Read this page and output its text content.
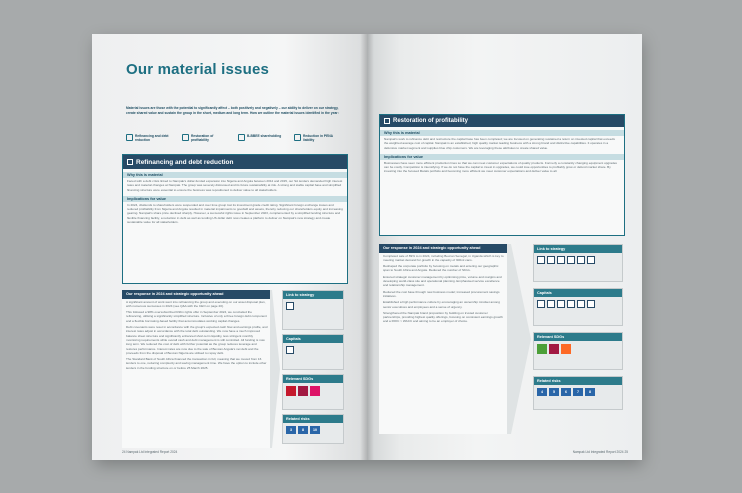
Our material issues
Material issues are those with the potential to significantly affect – both positively and negatively – our ability to deliver on our strategy, create shared value and sustain the group in the short, medium and long term. How we outline the material issues identified in the year:
Refinancing and debt reduction
Restoration of profitability
B-BBEE shareholding	Reduction in PENA liability
Refinancing and debt reduction
Why this is material
Faced with a debt crisis linked to Nampak's dollar-funded expansion into Nigeria and Angola between 2012 and 2015, our SA lenders demanded high interest rates and material changes at Nampak. The group was severely distressed and its future sustainability at risk. A strong and stable capital base and simplified financing structure were essential to ensure the business was repositioned to deliver value to all stakeholders.
Implications for value
In 2024, dividends to shareholders were suspended and over time group lost its investment grade credit rating. Significant foreign exchange losses and reduced profitability from Nigeria and Angola resulted in material impairments to goodwill and assets, thereby reducing our shareholders equity and increasing gearing. Nampak's share price declined sharply. However, a successful rights issue in September 2023, complemented by a simplified lending structure and flexible financing facility, a reduction in debt as well as lending US dollar debt now creates a platform to deliver on Nampak's new strategy and create sustainable value for all stakeholders.
Our response in 2024 and strategic opportunity ahead
A significant amount of work went into refinancing the group and executing on our asset disposal plan, with numerous successes in 2024 (see Q&A with the CEO on page 20).
This followed a 98% oversubscribed R2bn rights offer in September 2024, we concluded the refinancing, utilising a significantly simplified structure. Inclusive of only a three foreign debt component and a flexible borrowing-based facility that accommodates working capital changes.
Debt covenants were reset in accordance with the group's expected cash flow and earnings profile, and interest rates adjust in accordance with the total debt outstanding. We now have a much improved balance sheet structure and significantly enhanced short-term liquidity, less stringent monthly monitoring requirements while overall cash and debt management is still controlled. All funding is now long term. We reduced the cost of debt with further potential as the group reduces leverage and restores performance. Interest rates are now due to the sale of Bevcan Angola's net debt and the proceeds from the disposal of Bevcan Nigeria are utilised to repay debt.
The Standard Bank of South Africa financed the transaction in full, meaning that we moved from 16 lenders to one, reducing complexity and saving management time. We have the option to include other lenders in the funding structure on or before 25 March 2025.
Link to strategy
Capitals
Relevant SDGs
Related risks
3	8	10
24 Nampak Ltd Integrated Report 2024
Restoration of profitability
Why this is material
Nampak's work to refinance debt and restructure the capital base has been completed; we are focused on generating sustained a return on invested capital that exceeds the weighted average cost of capital. Nampak is an established, high quality market leading business with a strong brand and distinctive capabilities. It operates in a defensive market segment and supplies blue chip customers. We are leveraging these attributes to create shared value.
Implications for value
Businesses have seen more efficient production lines so that we can meet customer expectations of quality products. Formerly a constantly changing equipment upgrades can be costly. Competition is intensifying. If we do not have the capital to invest in upgrades, we could lose opportunities to profitably grow or defend market share. By investing into the focused Metals portfolio and becoming more efficient we meet customer expectations and deliver value to all.
Our response in 2024 and strategic opportunity ahead
Completed sale of 89% to in 2024, including Bevcan Senegal, in Uganda which is key to meeting market demand for growth in the capacity of 300ml cans.
Reshaped the corporate portfolio by focusing on metals and entering our geographic span to South Africa and Angola. Reduced the number of SKUs.
Ensured strategic customer management by optimising price, volume and margins and developing world-class site and operational planning. Emphasised service excellence and relationship management.
Reduced the cost base through new business model; increased procurement savings initiatives.
Established a high performance culture by encouraging an ownership mindset among senior executives and employees and a sense of urgency.
Strengthened the Nampak brand proposition by building on trusted customer partnerships, providing highest quality offerings, focusing on consistent earnings growth and a ROIC > WACC and aiming to be an employer of choice.
Link to strategy
Capitals
Relevant SDGs
Related risks
4	5	6	7	8
Nampak Ltd Integrated Report 2024 25
